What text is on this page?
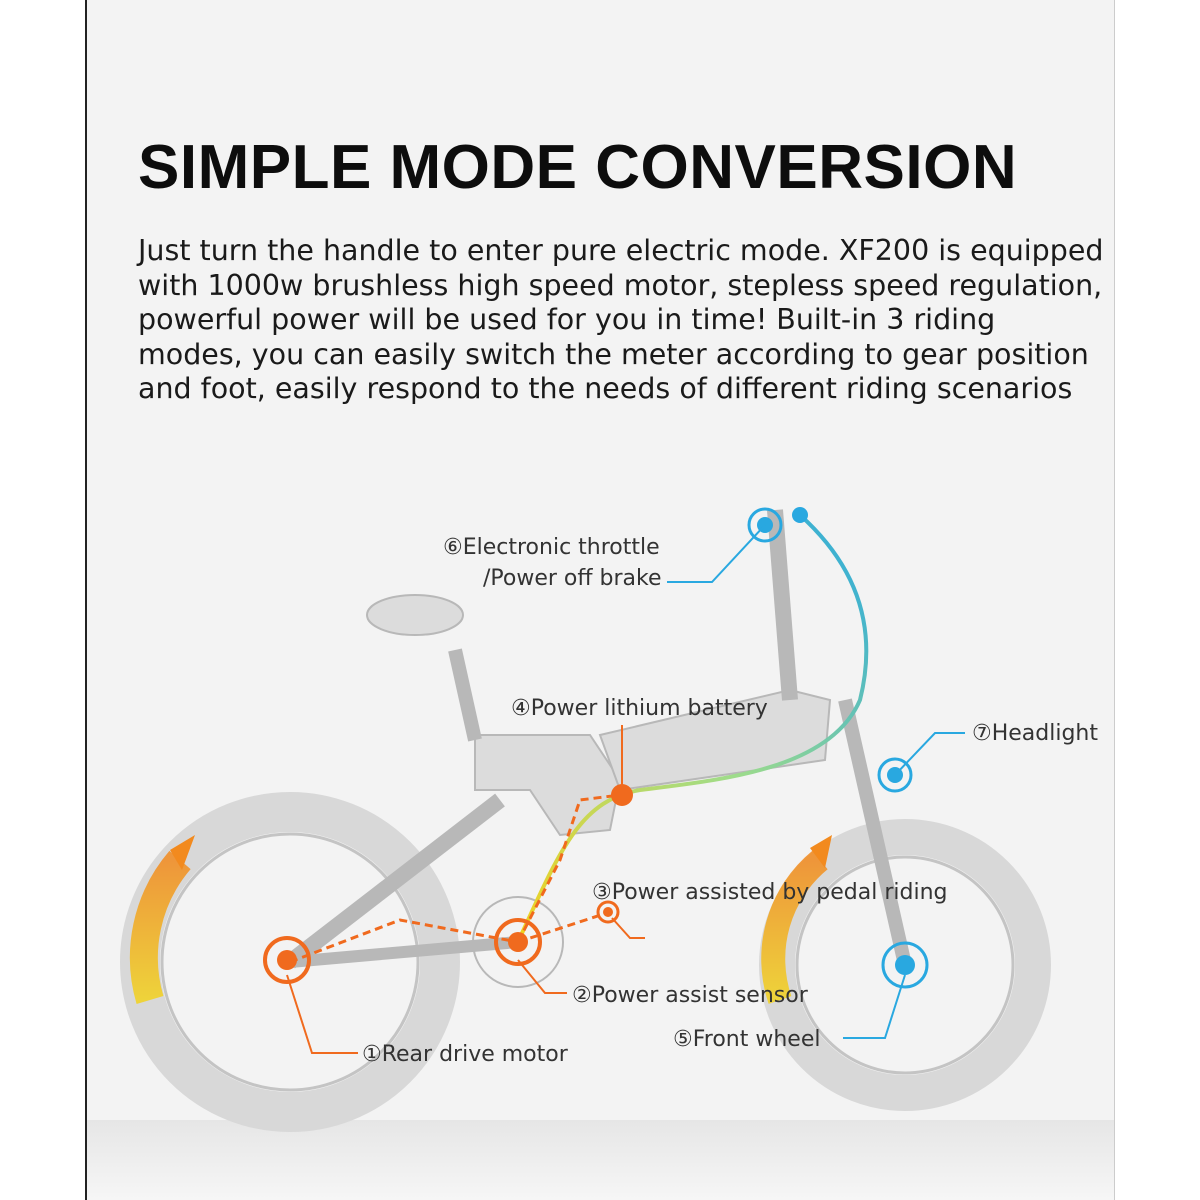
SIMPLE MODE CONVERSION
Just turn the handle to enter pure electric mode. XF200 is equipped
with 1000w brushless high speed motor, stepless speed regulation,
powerful power will be used for you in time! Built-in 3 riding
modes, you can easily switch the meter according to gear position
and foot, easily respond to the needs of different riding scenarios
⑥Electronic throttle
/Power off brake
④Power lithium battery
⑦Headlight
③Power assisted by pedal riding
②Power assist sensor
⑤Front wheel
①Rear drive motor
